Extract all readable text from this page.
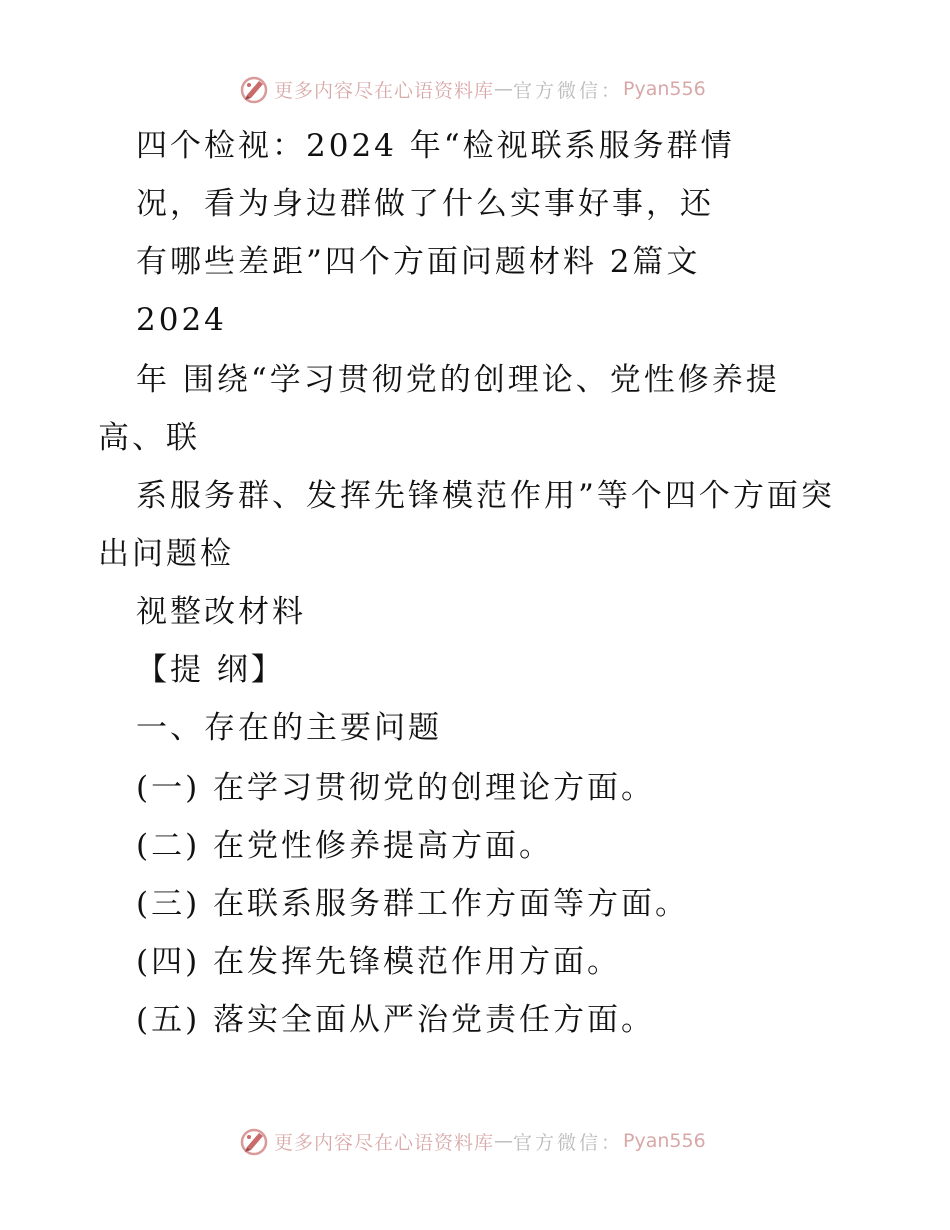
更多内容尽在心语资料库 — 官方微信： Pyan556
四个检视：2024 年“检视联系服务群情
况，看为身边群做了什么实事好事，还
有哪些差距”四个方面问题材料 2篇文
2024
年 围绕“学习贯彻党的创理论、党性修养提
高、联
系服务群、发挥先锋模范作用”等个四个方面突
出问题检
视整改材料
【提 纲】
一、存在的主要问题
(一) 在学习贯彻党的创理论方面。
(二) 在党性修养提高方面。
(三) 在联系服务群工作方面等方面。
(四) 在发挥先锋模范作用方面。
(五) 落实全面从严治党责任方面。
更多内容尽在心语资料库 — 官方微信： Pyan556
